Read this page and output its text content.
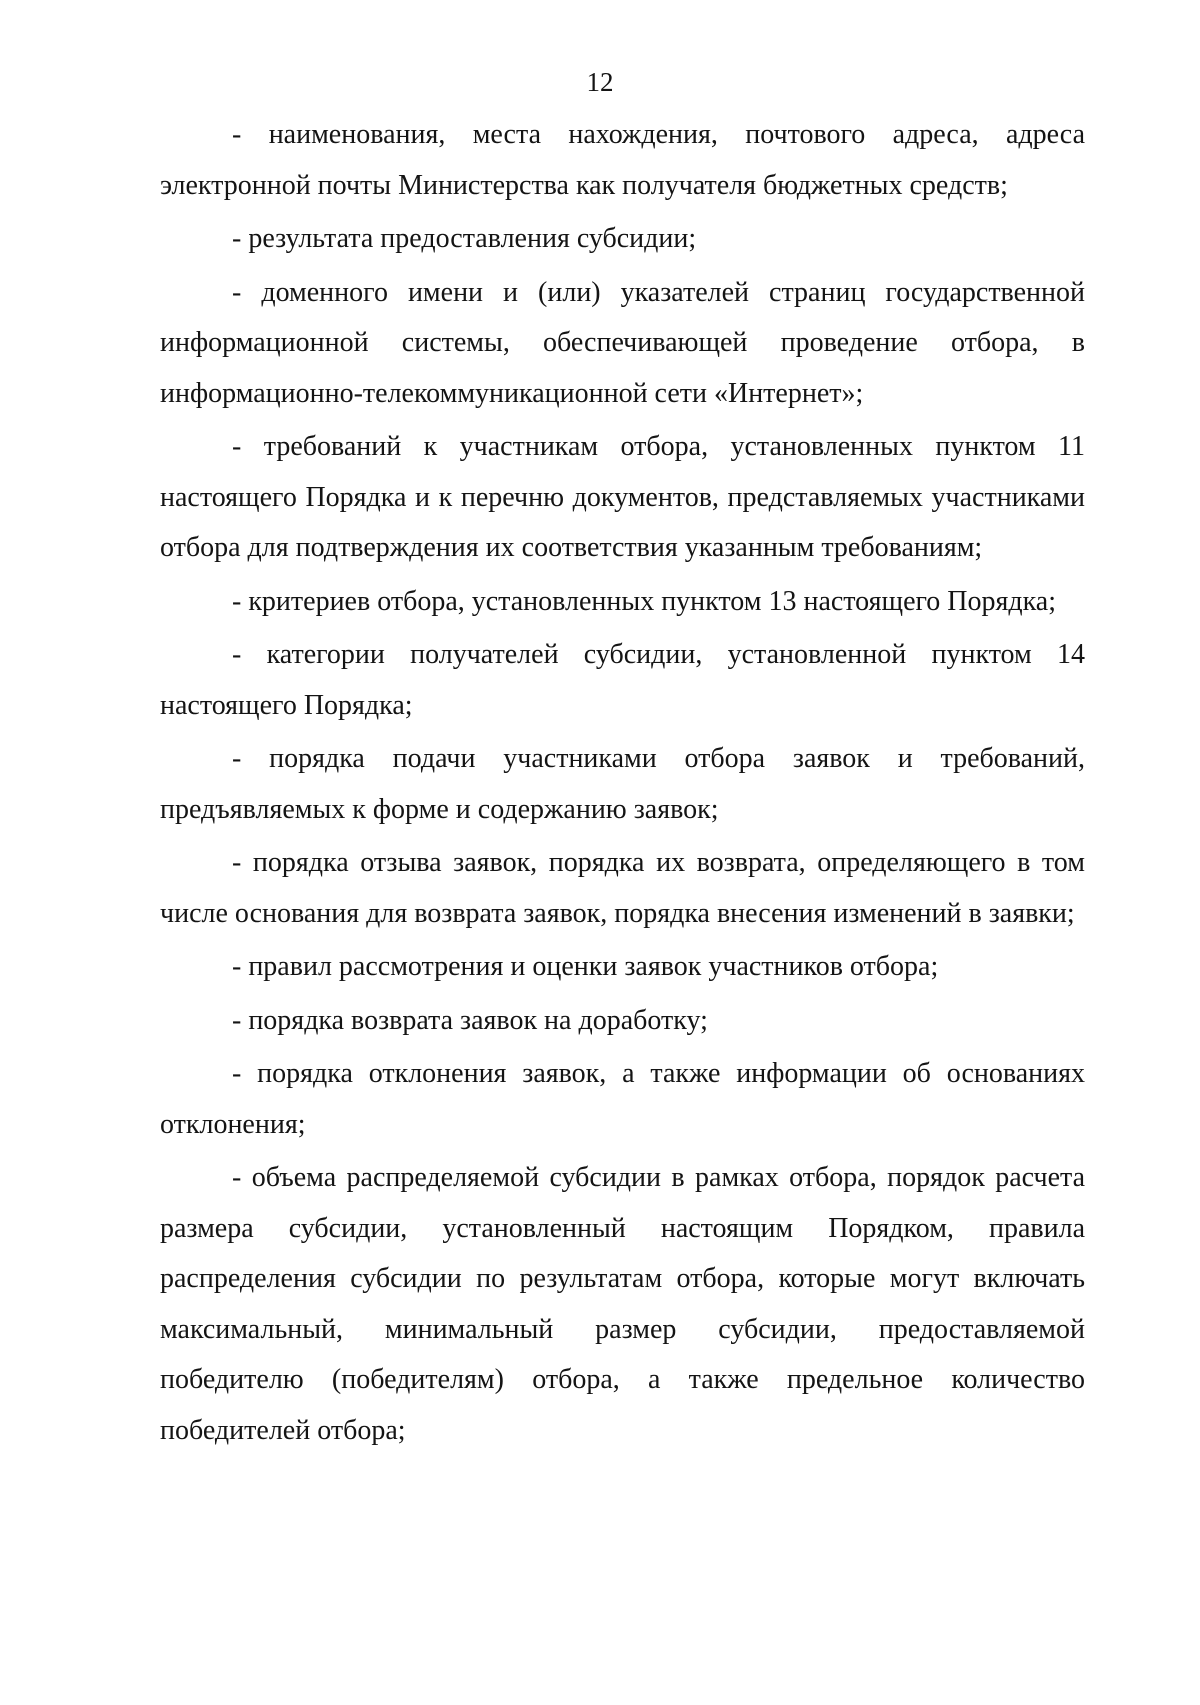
12

- наименования, места нахождения, почтового адреса, адреса электронной почты Министерства как получателя бюджетных средств;

- результата предоставления субсидии;

- доменного имени и (или) указателей страниц государственной информационной системы, обеспечивающей проведение отбора, в информационно-телекоммуникационной сети «Интернет»;

- требований к участникам отбора, установленных пунктом 11 настоящего Порядка и к перечню документов, представляемых участниками отбора для подтверждения их соответствия указанным требованиям;

- критериев отбора, установленных пунктом 13 настоящего Порядка;

- категории получателей субсидии, установленной пунктом 14 настоящего Порядка;

- порядка подачи участниками отбора заявок и требований, предъявляемых к форме и содержанию заявок;

- порядка отзыва заявок, порядка их возврата, определяющего в том числе основания для возврата заявок, порядка внесения изменений в заявки;

- правил рассмотрения и оценки заявок участников отбора;

- порядка возврата заявок на доработку;

- порядка отклонения заявок, а также информации об основаниях отклонения;

- объема распределяемой субсидии в рамках отбора, порядок расчета размера субсидии, установленный настоящим Порядком, правила распределения субсидии по результатам отбора, которые могут включать максимальный, минимальный размер субсидии, предоставляемой победителю (победителям) отбора, а также предельное количество победителей отбора;
